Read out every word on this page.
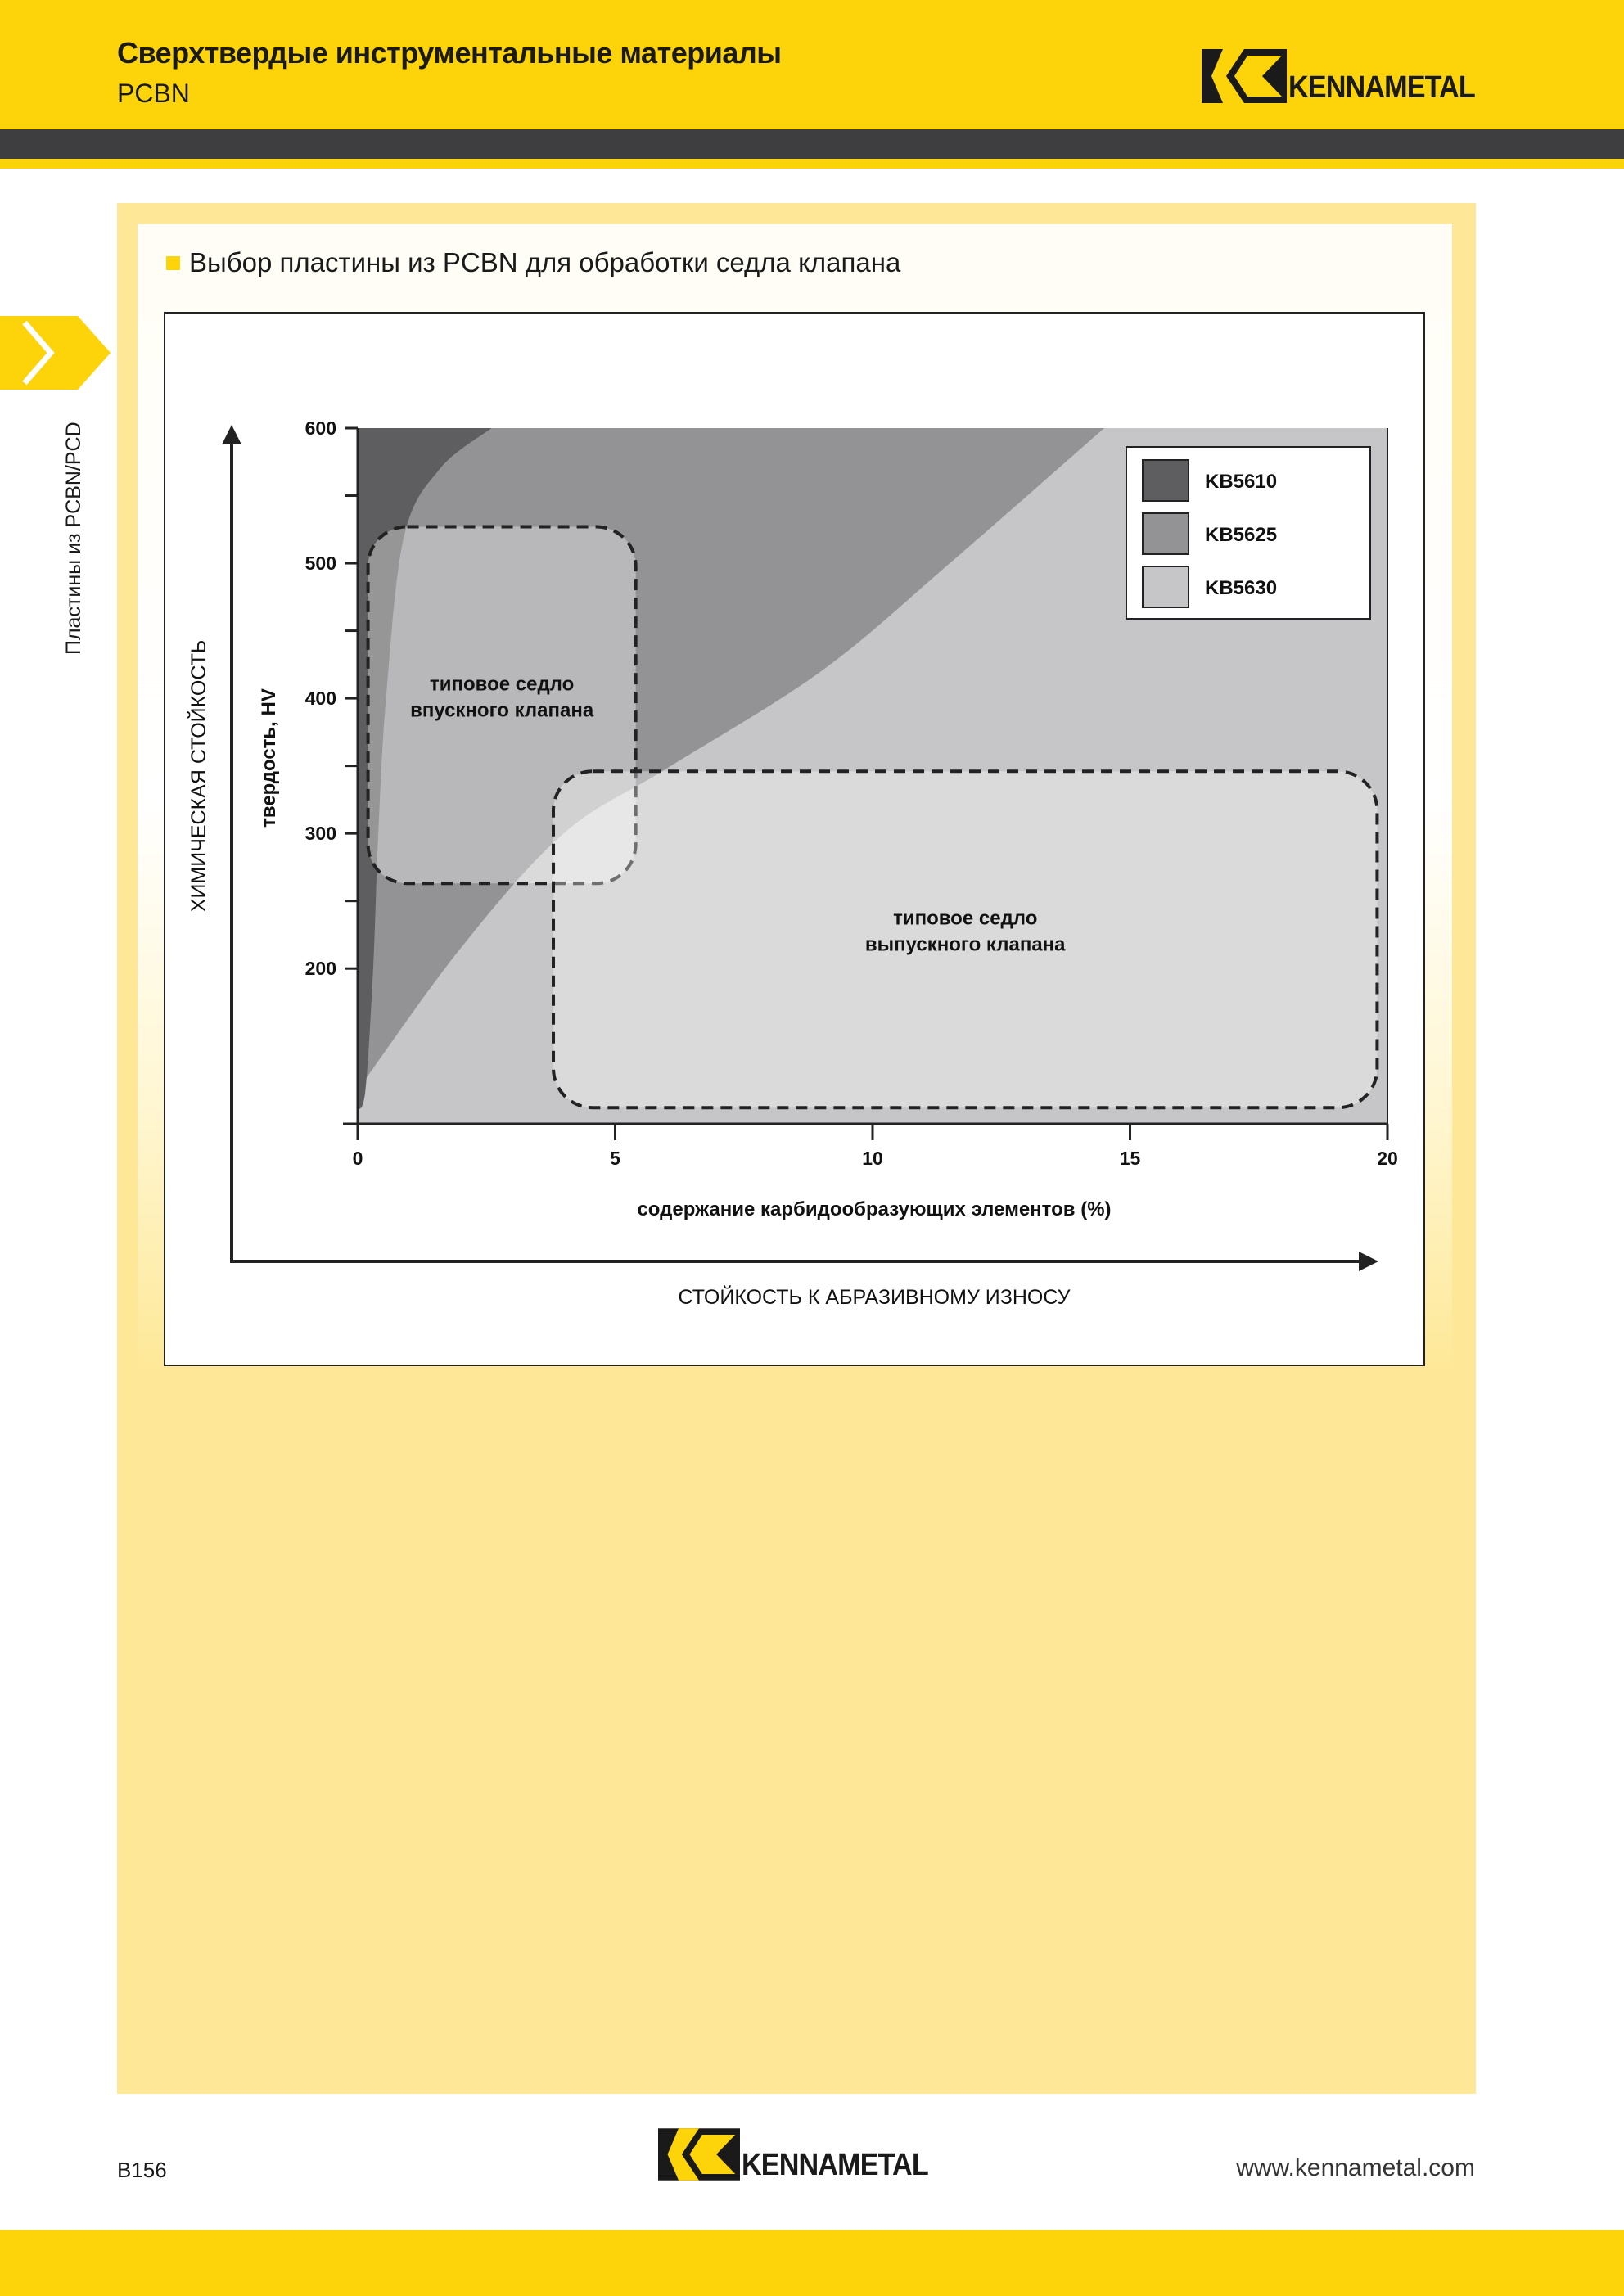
Сверхтвердые инструментальные материалы
PCBN	KENNAMETAL
Пластины из PCBN/PCD
Выбор пластины из PCBN для обработки седла клапана
типовое седло впускного клапана
типовое седло выпускного клапана
200
300
400
500
600
0	5	10	15	20
KB5610
KB5625
KB5630
содержание карбидообразующих элементов (%)
твердость, HV
СТОЙКОСТЬ К АБРАЗИВНОМУ ИЗНОСУ
ХИМИЧЕСКАЯ СТОЙКОСТЬ
B156	KENNAMETAL	www.kennametal.com
